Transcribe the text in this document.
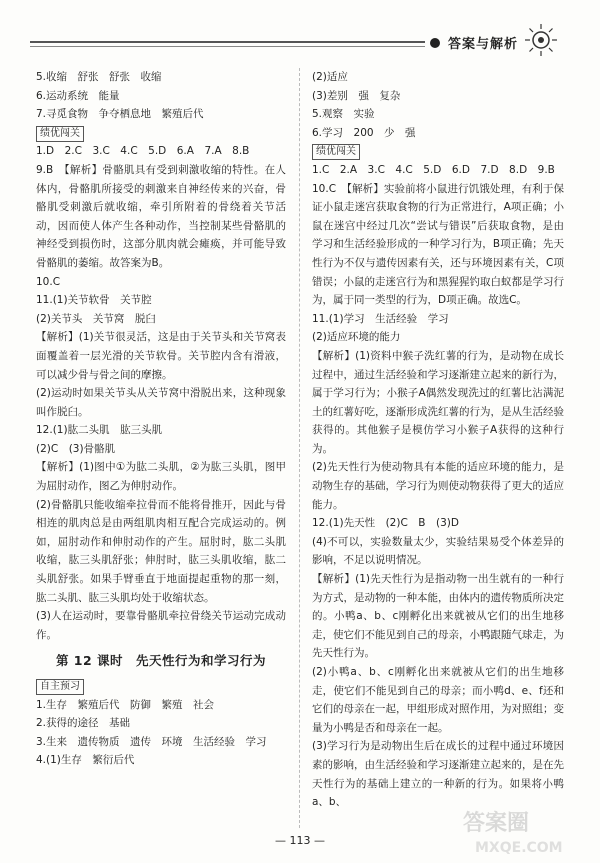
答案与解析
5.收缩　舒张　舒张　收缩
6.运动系统　能量
7.寻觅食物　争夺栖息地　繁殖后代
绩优闯关
1.D　2.C　3.C　4.C　5.D　6.A　7.A　8.B
9.B　【解析】骨骼肌具有受到刺激收缩的特性。在人体内，骨骼肌所接受的刺激来自神经传来的兴奋，骨骼肌受刺激后就收缩，牵引所附着的骨绕着关节活动，因而使人体产生各种动作，当控制某些骨骼肌的神经受到损伤时，这部分肌肉就会瘫痪，并可能导致骨骼肌的萎缩。故答案为B。
10.C
11.(1)关节软骨　关节腔
(2)关节头　关节窝　脱臼
【解析】(1)关节很灵活，这是由于关节头和关节窝表面覆盖着一层光滑的关节软骨。关节腔内含有滑液，可以减少骨与骨之间的摩擦。
(2)运动时如果关节头从关节窝中滑脱出来，这种现象叫作脱臼。
12.(1)肱二头肌　肱三头肌
(2)C　(3)骨骼肌
【解析】(1)图中①为肱二头肌，②为肱三头肌，图甲为屈肘动作，图乙为伸肘动作。
(2)骨骼肌只能收缩牵拉骨而不能将骨推开，因此与骨相连的肌肉总是由两组肌肉相互配合完成运动的。例如，屈肘动作和伸肘动作的产生。屈肘时，肱二头肌收缩，肱三头肌舒张；伸肘时，肱三头肌收缩，肱二头肌舒张。如果手臂垂直于地面提起重物的那一刻，肱二头肌、肱三头肌均处于收缩状态。
(3)人在运动时，要靠骨骼肌牵拉骨绕关节运动完成动作。
第 12 课时　先天性行为和学习行为
自主预习
1.生存　繁殖后代　防御　繁殖　社会
2.获得的途径　基础
3.生来　遗传物质　遗传　环境　生活经验　学习
4.(1)生存　繁衍后代
(2)适应
(3)差别　强　复杂
5.观察　实验
6.学习　200　少　强
绩优闯关
1.C　2.A　3.C　4.C　5.D　6.D　7.D　8.D　9.B
10.C　【解析】实验前将小鼠进行饥饿处理，有利于保证小鼠走迷宫获取食物的行为正常进行，A项正确；小鼠在迷宫中经过几次“尝试与错误”后获取食物，是由学习和生活经验形成的一种学习行为，B项正确；先天性行为不仅与遗传因素有关，还与环境因素有关，C项错误；小鼠的走迷宫行为和黑猩猩钓取白蚁都是学习行为，属于同一类型的行为，D项正确。故选C。
11.(1)学习　生活经验　学习
(2)适应环境的能力
【解析】(1)资料中猴子洗红薯的行为，是动物在成长过程中，通过生活经验和学习逐渐建立起来的新行为，属于学习行为；小猴子A偶然发现洗过的红薯比沾满泥土的红薯好吃，逐渐形成洗红薯的行为，是从生活经验获得的。其他猴子是模仿学习小猴子A获得的这种行为。
(2)先天性行为使动物具有本能的适应环境的能力，是动物生存的基础，学习行为则使动物获得了更大的适应能力。
12.(1)先天性　(2)C　B　(3)D
(4)不可以，实验数量太少，实验结果易受个体差异的影响，不足以说明情况。
【解析】(1)先天性行为是指动物一出生就有的一种行为方式，是动物的一种本能，由体内的遗传物质所决定的。小鸭a、b、c刚孵化出来就被从它们的出生地移走，使它们不能见到自己的母亲，小鸭跟随气球走，为先天性行为。
(2)小鸭a、b、c刚孵化出来就被从它们的出生地移走，使它们不能见到自己的母亲；而小鸭d、e、f还和它们的母亲在一起，甲组形成对照作用，为对照组；变量为小鸭是否和母亲在一起。
(3)学习行为是动物出生后在成长的过程中通过环境因素的影响，由生活经验和学习逐渐建立起来的，是在先天性行为的基础上建立的一种新的行为。如果将小鸭a、b、
— 113 —
答案圈
MXQE.COM
